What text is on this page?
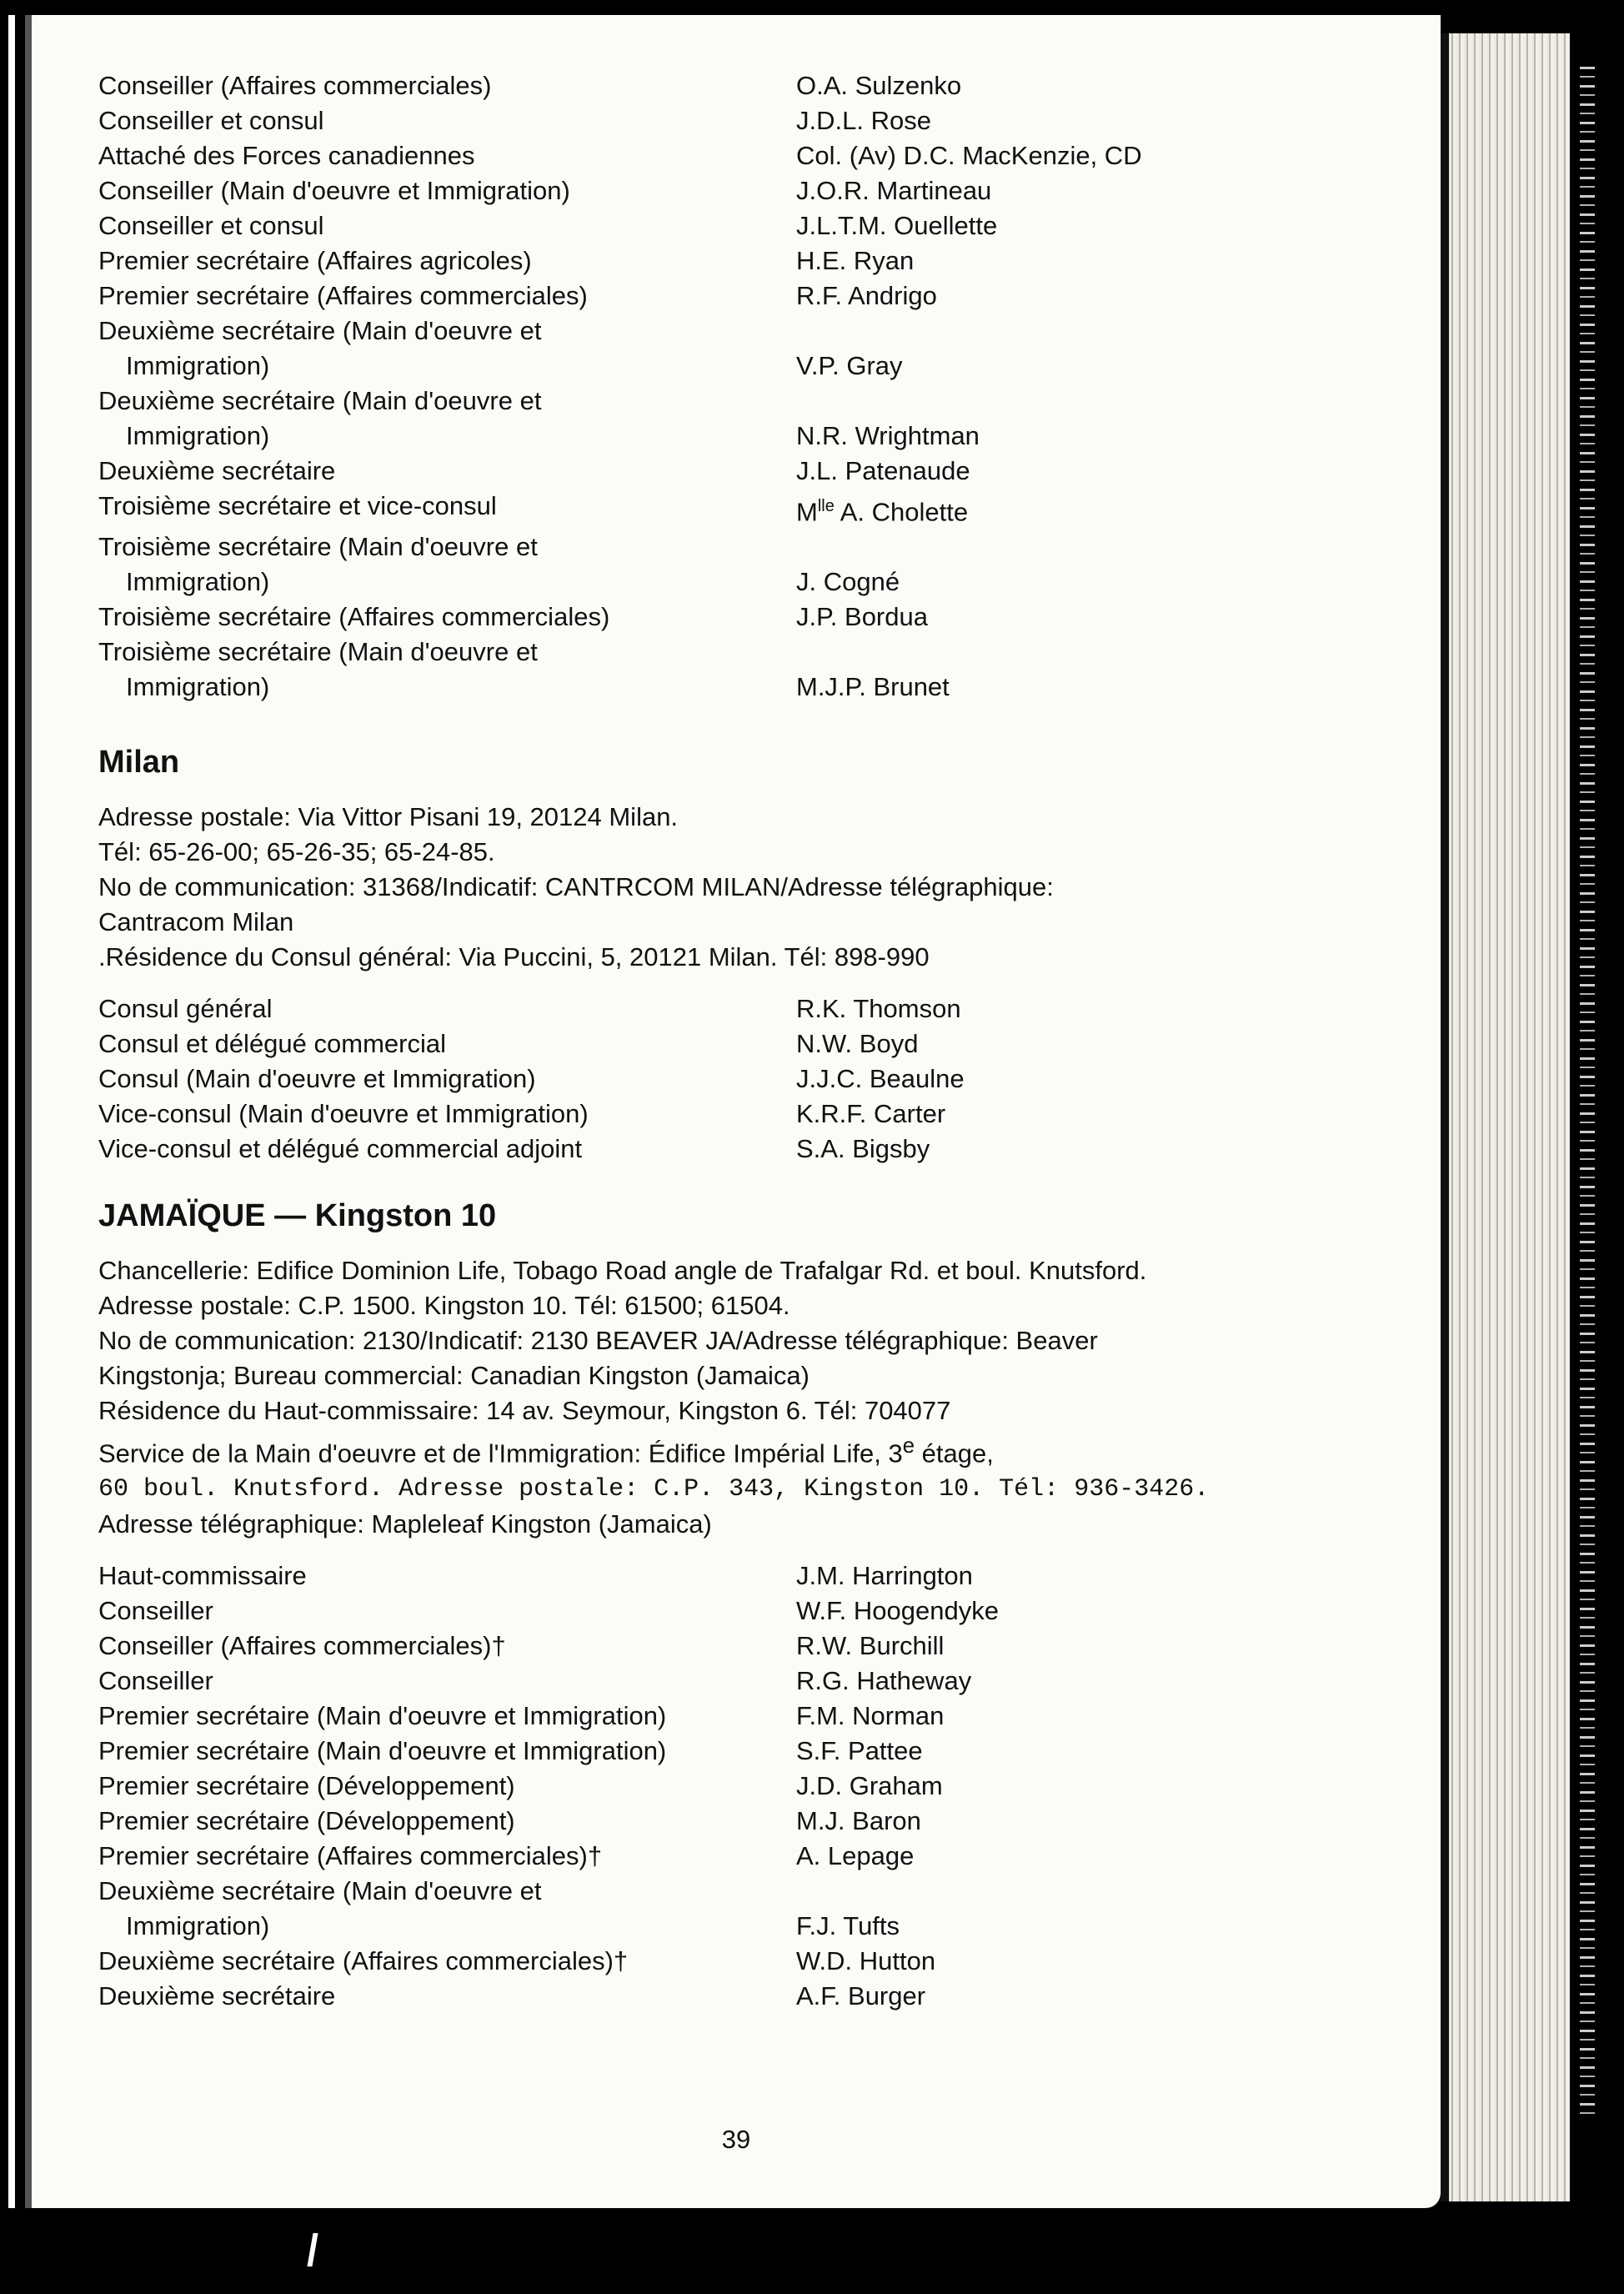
Conseiller (Affaires commerciales)	O.A. Sulzenko
Conseiller et consul	J.D.L. Rose
Attaché des Forces canadiennes	Col. (Av) D.C. MacKenzie, CD
Conseiller (Main d'oeuvre et Immigration)	J.O.R. Martineau
Conseiller et consul	J.L.T.M. Ouellette
Premier secrétaire (Affaires agricoles)	H.E. Ryan
Premier secrétaire (Affaires commerciales)	R.F. Andrigo
Deuxième secrétaire (Main d'oeuvre et
Immigration)
	V.P. Gray
Deuxième secrétaire (Main d'oeuvre et
Immigration)
	N.R. Wrightman
Deuxième secrétaire	J.L. Patenaude
Troisième secrétaire et vice-consul	$M^{lle}$ A. Cholette
Troisième secrétaire (Main d'oeuvre et
Immigration)
	J. Cogné
Troisième secrétaire (Affaires commerciales)	J.P. Bordua
Troisième secrétaire (Main d'oeuvre et
Immigration)
	M.J.P. Brunet
Milan
Adresse postale: Via Vittor Pisani 19, 20124 Milan.
Tél: 65-26-00; 65-26-35; 65-24-85.
No de communication: 31368/Indicatif: CANTRCOM MILAN/Adresse télégraphique:
Cantracom Milan
.Résidence du Consul général: Via Puccini, 5, 20121 Milan. Tél: 898-990
Consul général	R.K. Thomson
Consul et délégué commercial	N.W. Boyd
Consul (Main d'oeuvre et Immigration)	J.J.C. Beaulne
Vice-consul (Main d'oeuvre et Immigration)	K.R.F. Carter
Vice-consul et délégué commercial adjoint	S.A. Bigsby
JAMAÏQUE — Kingston 10
Chancellerie: Edifice Dominion Life, Tobago Road angle de Trafalgar Rd. et boul. Knutsford.
Adresse postale: C.P. 1500. Kingston 10. Tél: 61500; 61504.
No de communication: 2130/Indicatif: 2130 BEAVER JA/Adresse télégraphique: Beaver
Kingstonja; Bureau commercial: Canadian Kingston (Jamaica)
Résidence du Haut-commissaire: 14 av. Seymour, Kingston 6. Tél: 704077
Service de la Main d'oeuvre et de l'Immigration: Édifice Impérial Life, 3e étage,
60 boul. Knutsford. Adresse postale: C.P. 343, Kingston 10. Tél: 936-3426.
Adresse télégraphique: Mapleleaf Kingston (Jamaica)
Haut-commissaire	J.M. Harrington
Conseiller	W.F. Hoogendyke
Conseiller (Affaires commerciales)†	R.W. Burchill
Conseiller	R.G. Hatheway
Premier secrétaire (Main d'oeuvre et Immigration)	F.M. Norman
Premier secrétaire (Main d'oeuvre et Immigration)	S.F. Pattee
Premier secrétaire (Développement)	J.D. Graham
Premier secrétaire (Développement)	M.J. Baron
Premier secrétaire (Affaires commerciales)†	A. Lepage
Deuxième secrétaire (Main d'oeuvre et
Immigration)
	F.J. Tufts
Deuxième secrétaire (Affaires commerciales)†	W.D. Hutton
Deuxième secrétaire	A.F. Burger
39
